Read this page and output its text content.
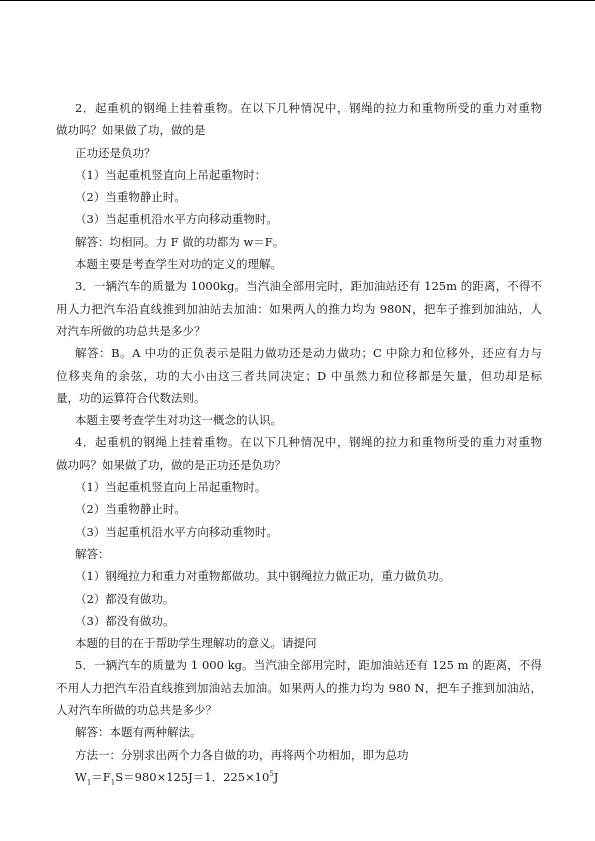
2．起重机的钢绳上挂着重物。在以下几种情况中，钢绳的拉力和重物所受的重力对重物
做功吗？如果做了功，做的是
正功还是负功？
（1）当起重机竖直向上吊起重物时：
（2）当重物静止时。
（3）当起重机沿水平方向移动重物时。
解答：均相同。力 F 做的功都为 w＝F。
本题主要是考查学生对功的定义的理解。
3．一辆汽车的质量为 1000kg。当汽油全部用完时，距加油站还有 125m 的距离，不得不
用人力把汽车沿直线推到加油站去加油：如果两人的推力均为 980N，把车子推到加油站，人
对汽车所做的功总共是多少？
解答：B。A 中功的正负表示是阻力做功还是动力做功；C 中除力和位移外，还应有力与
位移夹角的余弦，功的大小由这三者共同决定；D 中虽然力和位移都是矢量，但功却是标
量，功的运算符合代数法则。
本题主要考查学生对功这一概念的认识。
4．起重机的钢绳上挂着重物。在以下几种情况中，钢绳的拉力和重物所受的重力对重物
做功吗？如果做了功，做的是正功还是负功？
（1）当起重机竖直向上吊起重物时。
（2）当重物静止时。
（3）当起重机沿水平方向移动重物时。
解答：
（1）钢绳拉力和重力对重物都做功。其中钢绳拉力做正功，重力做负功。
（2）都没有做功。
（3）都没有做功。
本题的目的在于帮助学生理解功的意义。请提问
5．一辆汽车的质量为 1 000 kg。当汽油全部用完时，距加油站还有 125 m 的距离，不得
不用人力把汽车沿直线推到加油站去加油。如果两人的推力均为 980 N，把车子推到加油站，
人对汽车所做的功总共是多少？
解答：本题有两种解法。
方法一：分别求出两个力各自做的功，再将两个功相加，即为总功
$W_1=F_1S=980\times 125J=1$．$225\times 10^5J$
